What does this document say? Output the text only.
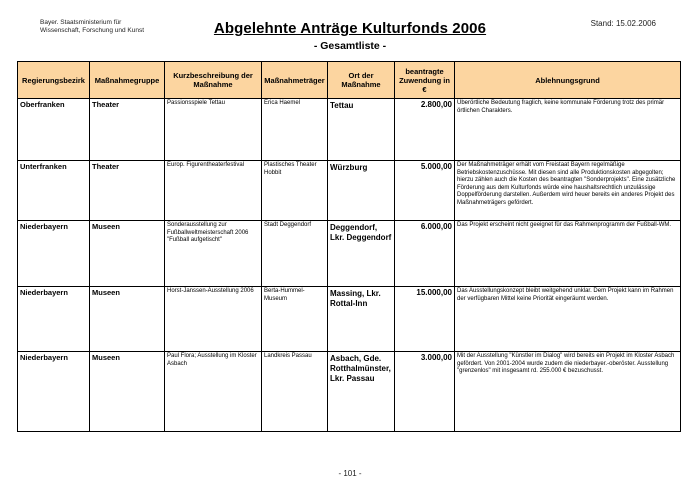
Bayer. Staatsministerium für
Wissenschaft, Forschung und Kunst	Abgelehnte Anträge Kulturfonds 2006
- Gesamtliste -
Stand: 15.02.2006
Regierungsbezirk	Maßnahmegruppe	Kurzbeschreibung der Maßnahme	Maßnahmeträger	Ort der Maßnahme	beantragte Zuwendung in €	Ablehnungsgrund
Oberfranken	Theater	Passionsspiele Tettau	Erica Haemel	Tettau	2.800,00	Überörtliche Bedeutung fraglich, keine kommunale Förderung trotz des primär örtlichen Charakters.
Unterfranken	Theater	Europ. Figurentheaterfestival	Plastisches Theater Hobbit	Würzburg	5.000,00	Der Maßnahmeträger erhält vom Freistaat Bayern regelmäßige Betriebskostenzuschüsse. Mit diesen sind alle Produktionskosten abgegolten; hierzu zählen auch die Kosten des beantragten "Sonderprojekts". Eine zusätzliche Förderung aus dem Kulturfonds würde eine haushaltsrechtlich unzulässige Doppelförderung darstellen. Außerdem wird heuer bereits ein anderes Projekt des Maßnahmeträgers gefördert.
Niederbayern	Museen	Sonderausstellung zur Fußballweltmeisterschaft 2006 "Fußball aufgetischt"	Stadt Deggendorf	Deggendorf, Lkr. Deggendorf	6.000,00	Das Projekt erscheint nicht geeignet für das Rahmenprogramm der Fußball-WM.
Niederbayern	Museen	Horst-Janssen-Ausstellung 2006	Berta-Hummel-Museum	Massing, Lkr. Rottal-Inn	15.000,00	Das Ausstellungskonzept bleibt weitgehend unklar. Dem Projekt kann im Rahmen der verfügbaren Mittel keine Priorität eingeräumt werden.
Niederbayern	Museen	Paul Flora; Ausstellung im Kloster Asbach	Landkreis Passau	Asbach, Gde. Rotthalmünster, Lkr. Passau	3.000,00	Mit der Ausstellung "Künstler im Dialog" wird bereits ein Projekt im Kloster Asbach gefördert. Von 2001-2004 wurde zudem die niederbayer.-oberöster. Ausstellung "grenzenlos" mit insgesamt rd. 255.000 € bezuschusst.
- 101 -
